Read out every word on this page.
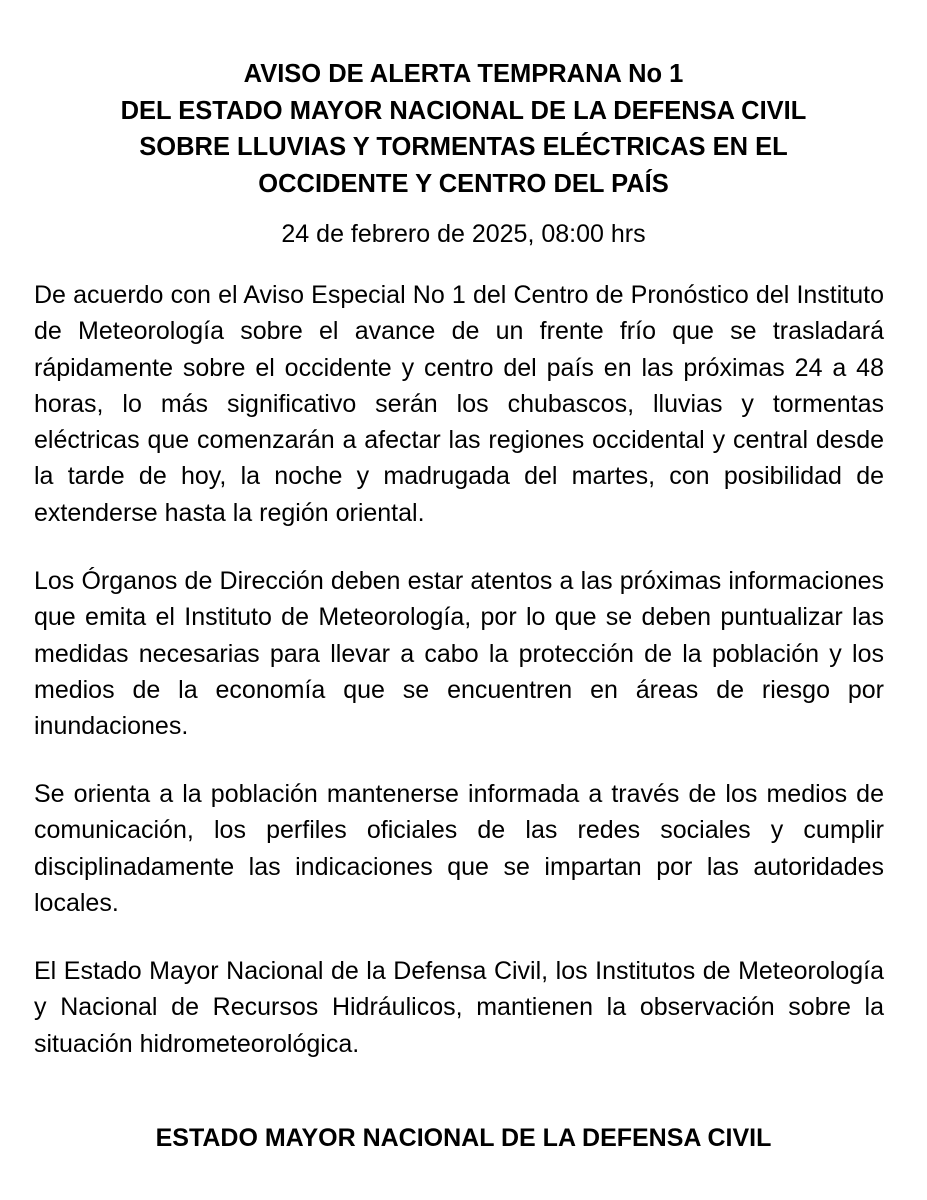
AVISO DE ALERTA TEMPRANA No 1
DEL ESTADO MAYOR NACIONAL DE LA DEFENSA CIVIL
SOBRE LLUVIAS Y TORMENTAS ELÉCTRICAS EN EL
OCCIDENTE Y CENTRO DEL PAÍS
24 de febrero de 2025, 08:00 hrs

De acuerdo con el Aviso Especial No 1 del Centro de Pronóstico del Instituto de Meteorología sobre el avance de un frente frío que se trasladará rápidamente sobre el occidente y centro del país en las próximas 24 a 48 horas, lo más significativo serán los chubascos, lluvias y tormentas eléctricas que comenzarán a afectar las regiones occidental y central desde la tarde de hoy, la noche y madrugada del martes, con posibilidad de extenderse hasta la región oriental.

Los Órganos de Dirección deben estar atentos a las próximas informaciones que emita el Instituto de Meteorología, por lo que se deben puntualizar las medidas necesarias para llevar a cabo la protección de la población y los medios de la economía que se encuentren en áreas de riesgo por inundaciones.

Se orienta a la población mantenerse informada a través de los medios de comunicación, los perfiles oficiales de las redes sociales y cumplir disciplinadamente las indicaciones que se impartan por las autoridades locales.

El Estado Mayor Nacional de la Defensa Civil, los Institutos de Meteorología y Nacional de Recursos Hidráulicos, mantienen la observación sobre la situación hidrometeorológica.

ESTADO MAYOR NACIONAL DE LA DEFENSA CIVIL
